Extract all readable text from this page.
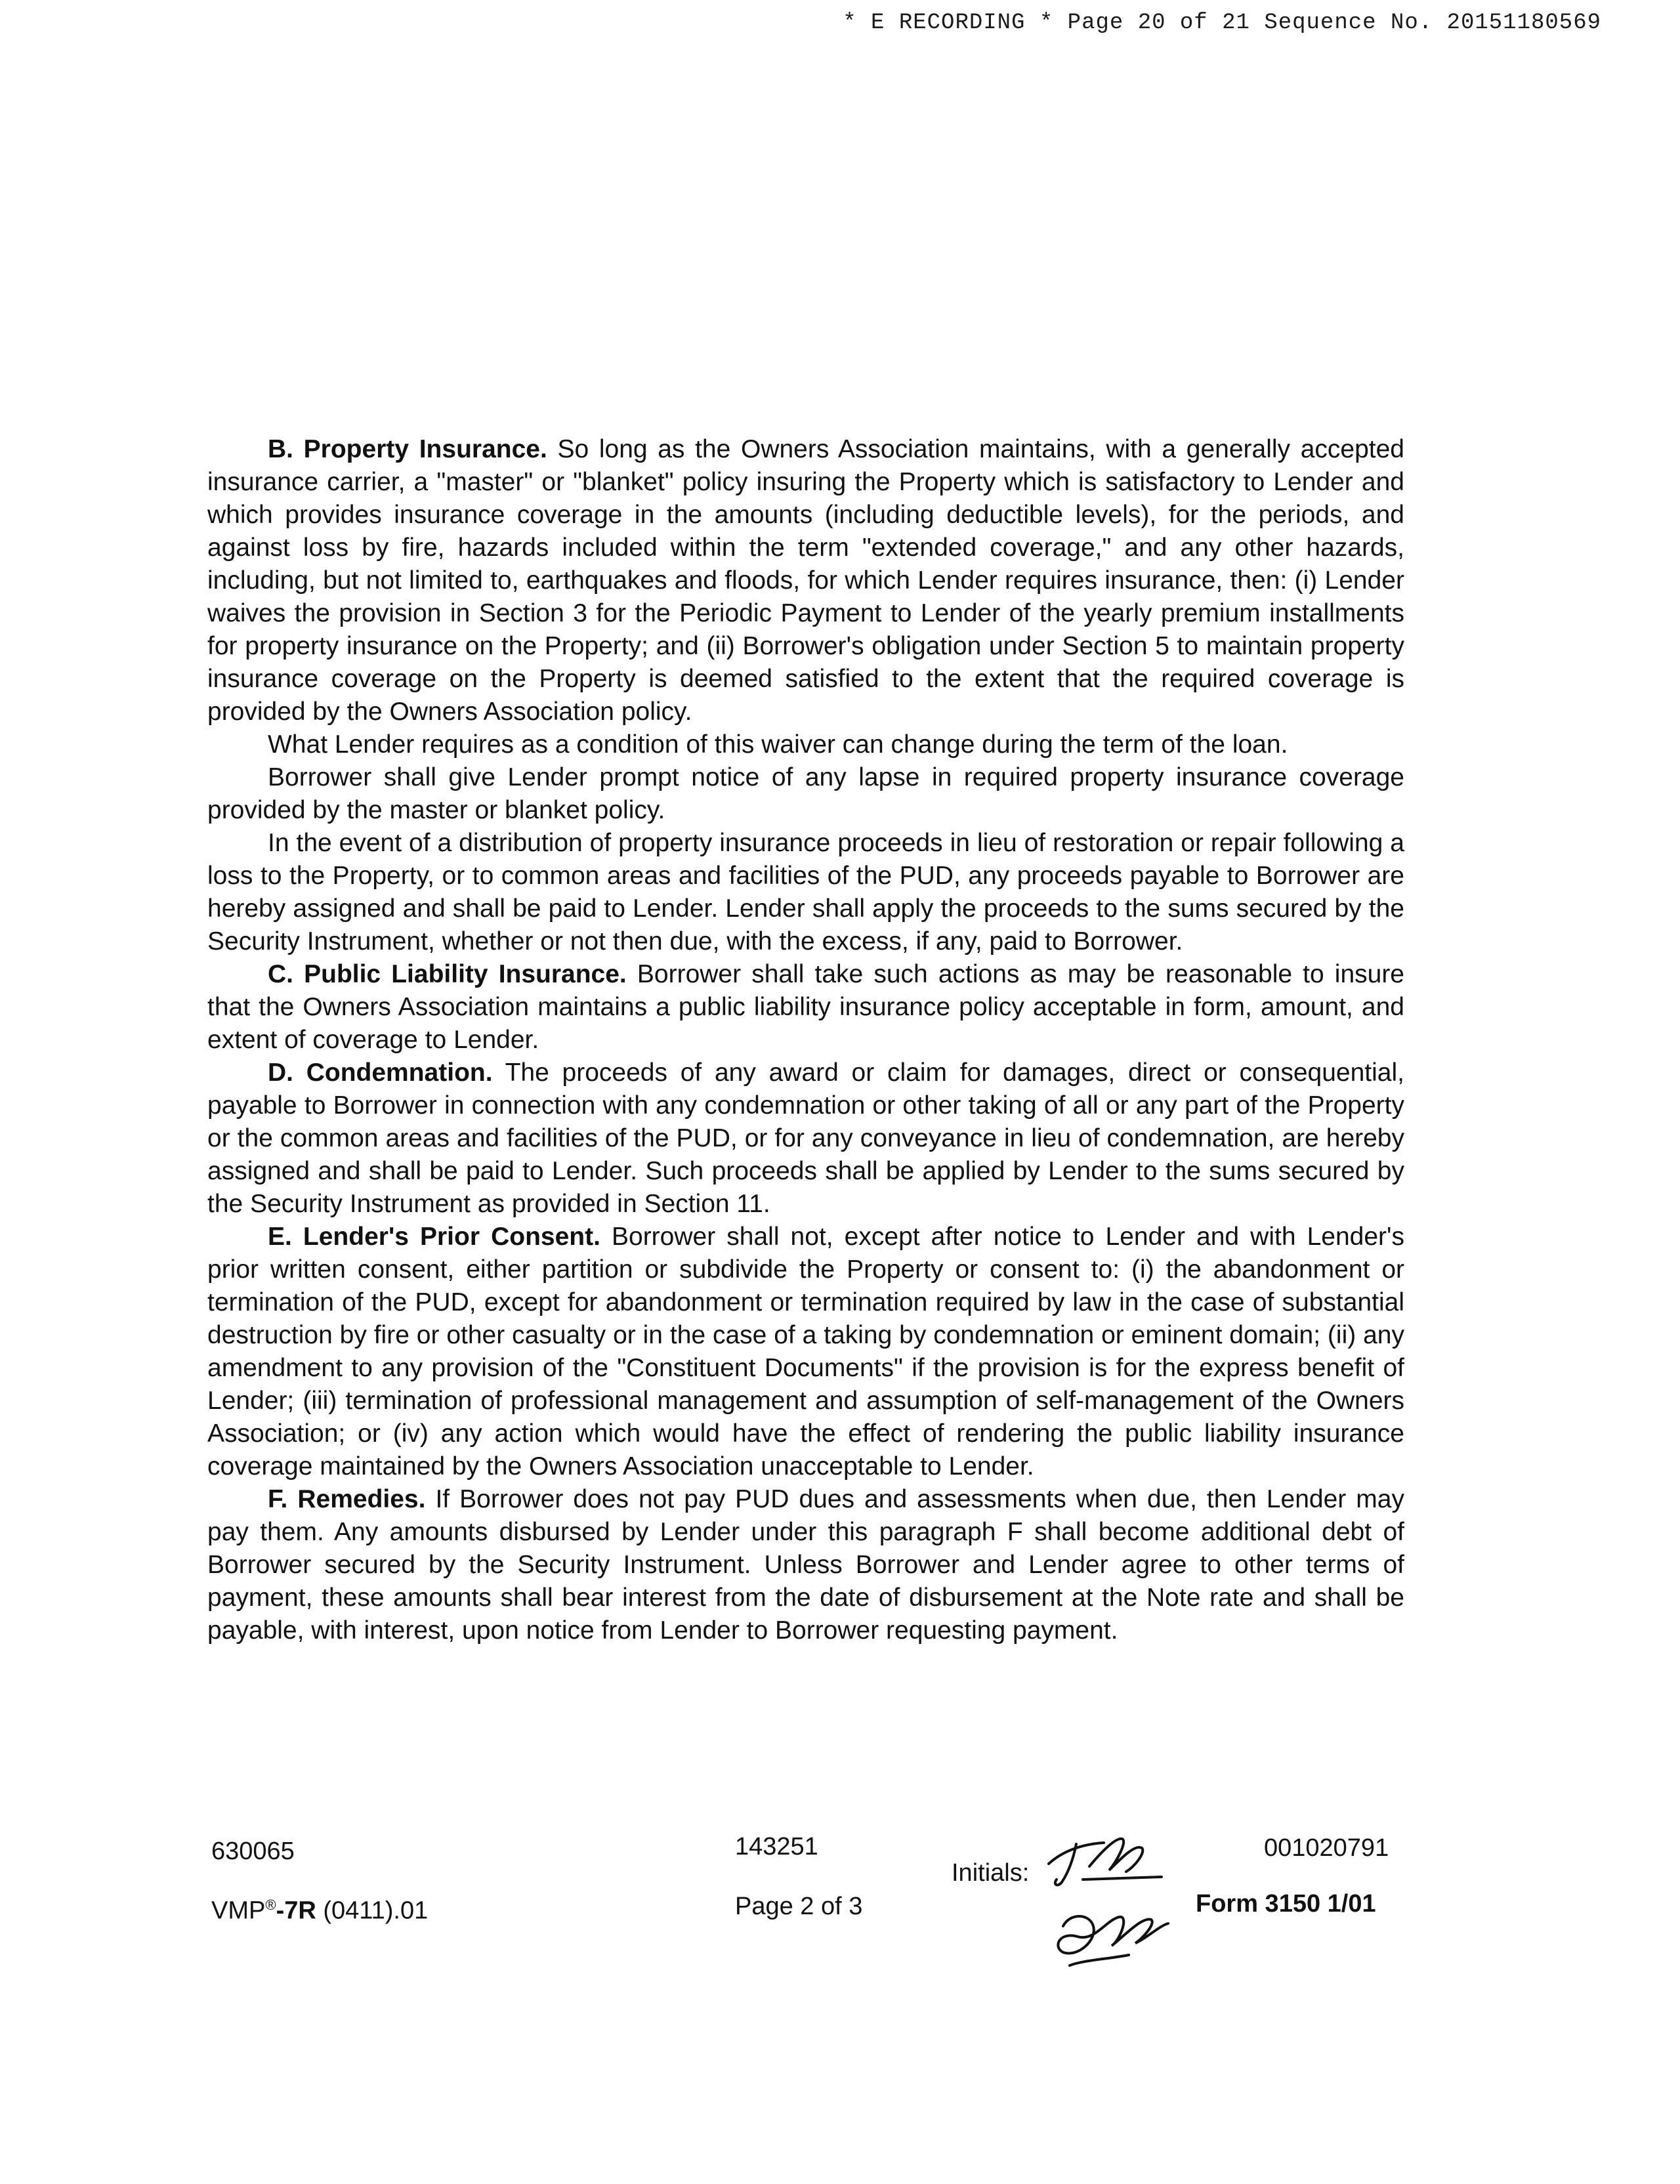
* E RECORDING * Page 20 of 21 Sequence No. 20151180569

B. Property Insurance. So long as the Owners Association maintains, with a generally accepted insurance carrier, a "master" or "blanket" policy insuring the Property which is satisfactory to Lender and which provides insurance coverage in the amounts (including deductible levels), for the periods, and against loss by fire, hazards included within the term "extended coverage," and any other hazards, including, but not limited to, earthquakes and floods, for which Lender requires insurance, then: (i) Lender waives the provision in Section 3 for the Periodic Payment to Lender of the yearly premium installments for property insurance on the Property; and (ii) Borrower's obligation under Section 5 to maintain property insurance coverage on the Property is deemed satisfied to the extent that the required coverage is provided by the Owners Association policy.

What Lender requires as a condition of this waiver can change during the term of the loan.

Borrower shall give Lender prompt notice of any lapse in required property insurance coverage provided by the master or blanket policy.

In the event of a distribution of property insurance proceeds in lieu of restoration or repair following a loss to the Property, or to common areas and facilities of the PUD, any proceeds payable to Borrower are hereby assigned and shall be paid to Lender. Lender shall apply the proceeds to the sums secured by the Security Instrument, whether or not then due, with the excess, if any, paid to Borrower.

C. Public Liability Insurance. Borrower shall take such actions as may be reasonable to insure that the Owners Association maintains a public liability insurance policy acceptable in form, amount, and extent of coverage to Lender.

D. Condemnation. The proceeds of any award or claim for damages, direct or consequential, payable to Borrower in connection with any condemnation or other taking of all or any part of the Property or the common areas and facilities of the PUD, or for any conveyance in lieu of condemnation, are hereby assigned and shall be paid to Lender. Such proceeds shall be applied by Lender to the sums secured by the Security Instrument as provided in Section 11.

E. Lender's Prior Consent. Borrower shall not, except after notice to Lender and with Lender's prior written consent, either partition or subdivide the Property or consent to: (i) the abandonment or termination of the PUD, except for abandonment or termination required by law in the case of substantial destruction by fire or other casualty or in the case of a taking by condemnation or eminent domain; (ii) any amendment to any provision of the "Constituent Documents" if the provision is for the express benefit of Lender; (iii) termination of professional management and assumption of self-management of the Owners Association; or (iv) any action which would have the effect of rendering the public liability insurance coverage maintained by the Owners Association unacceptable to Lender.

F. Remedies. If Borrower does not pay PUD dues and assessments when due, then Lender may pay them. Any amounts disbursed by Lender under this paragraph F shall become additional debt of Borrower secured by the Security Instrument. Unless Borrower and Lender agree to other terms of payment, these amounts shall bear interest from the date of disbursement at the Note rate and shall be payable, with interest, upon notice from Lender to Borrower requesting payment.

630065	143251	001020791
Initials:
VMP®-7R (0411).01	Page 2 of 3	Form 3150 1/01
